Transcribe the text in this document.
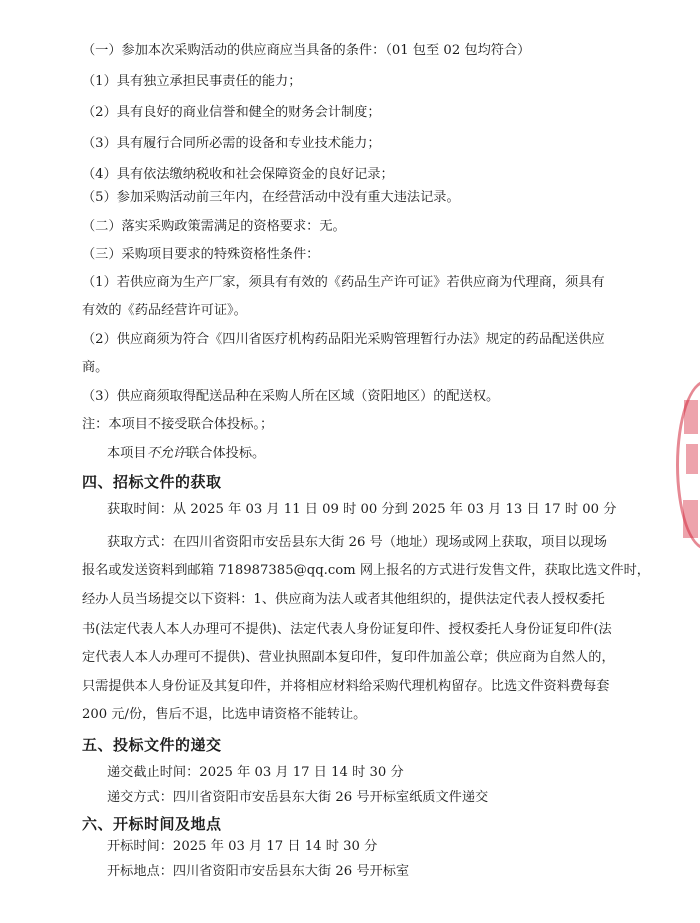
（一）参加本次采购活动的供应商应当具备的条件：（01 包至 02 包均符合）
（1）具有独立承担民事责任的能力；
（2）具有良好的商业信誉和健全的财务会计制度；
（3）具有履行合同所必需的设备和专业技术能力；
（4）具有依法缴纳税收和社会保障资金的良好记录；
（5）参加采购活动前三年内，在经营活动中没有重大违法记录。
（二）落实采购政策需满足的资格要求：无。
（三）采购项目要求的特殊资格性条件：
（1）若供应商为生产厂家，须具有有效的《药品生产许可证》若供应商为代理商，须具有
有效的《药品经营许可证》。
（2）供应商须为符合《四川省医疗机构药品阳光采购管理暂行办法》规定的药品配送供应
商。
（3）供应商须取得配送品种在采购人所在区域（资阳地区）的配送权。
注：本项目不接受联合体投标。；
本项目不允许联合体投标。
四、招标文件的获取
获取时间：从 2025 年 03 月 11 日 09 时 00 分到 2025 年 03 月 13 日 17 时 00 分
获取方式：在四川省资阳市安岳县东大街 26 号（地址）现场或网上获取，项目以现场
报名或发送资料到邮箱 718987385@qq.com 网上报名的方式进行发售文件，获取比选文件时，
经办人员当场提交以下资料：1、供应商为法人或者其他组织的，提供法定代表人授权委托
书(法定代表人本人办理可不提供)、法定代表人身份证复印件、授权委托人身份证复印件(法
定代表人本人办理可不提供)、营业执照副本复印件，复印件加盖公章；供应商为自然人的，
只需提供本人身份证及其复印件，并将相应材料给采购代理机构留存。比选文件资料费每套
200 元/份，售后不退，比选申请资格不能转让。
五、投标文件的递交
递交截止时间：2025 年 03 月 17 日 14 时 30 分
递交方式：四川省资阳市安岳县东大街 26 号开标室纸质文件递交
六、开标时间及地点
开标时间：2025 年 03 月 17 日 14 时 30 分
开标地点：四川省资阳市安岳县东大街 26 号开标室
